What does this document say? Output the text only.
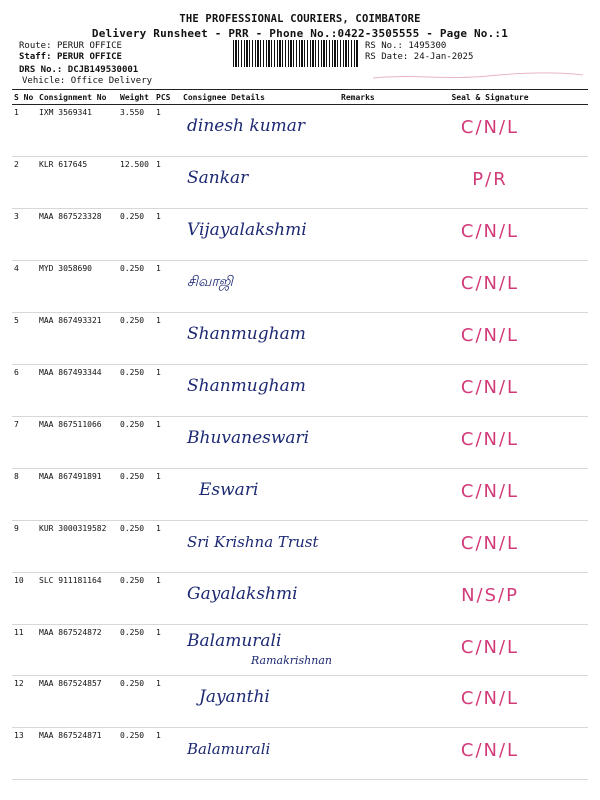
THE PROFESSIONAL COURIERS, COIMBATORE
Delivery Runsheet - PRR - Phone No.:0422-3505555 - Page No.:1
Route: PERUR OFFICE
Staff: PERUR OFFICE
DRS No.: DCJB149530001
Vehicle: Office Delivery
RS No.: 1495300
RS Date: 24-Jan-2025
S No	Consignment No	Weight	PCS	Consignee Details	Remarks	Seal & Signature
1	IXM 3569341	3.550	1	dinesh kumar		C/N/L
2	KLR 617645	12.500	1	Sankar		P/R
3	MAA 867523328	0.250	1	Vijayalakshmi		C/N/L
4	MYD 3058690	0.250	1	சிவாஜி		C/N/L
5	MAA 867493321	0.250	1	Shanmugham		C/N/L
6	MAA 867493344	0.250	1	Shanmugham		C/N/L
7	MAA 867511066	0.250	1	Bhuvaneswari		C/N/L
8	MAA 867491891	0.250	1	Eswari		C/N/L
9	KUR 3000319582	0.250	1	Sri Krishna Trust		C/N/L
10	SLC 911181164	0.250	1	Gayalakshmi		N/S/P
11	MAA 867524872	0.250	1	Balamurali
Ramakrishnan		C/N/L
12	MAA 867524857	0.250	1	Jayanthi		C/N/L
13	MAA 867524871	0.250	1	Balamurali		C/N/L
